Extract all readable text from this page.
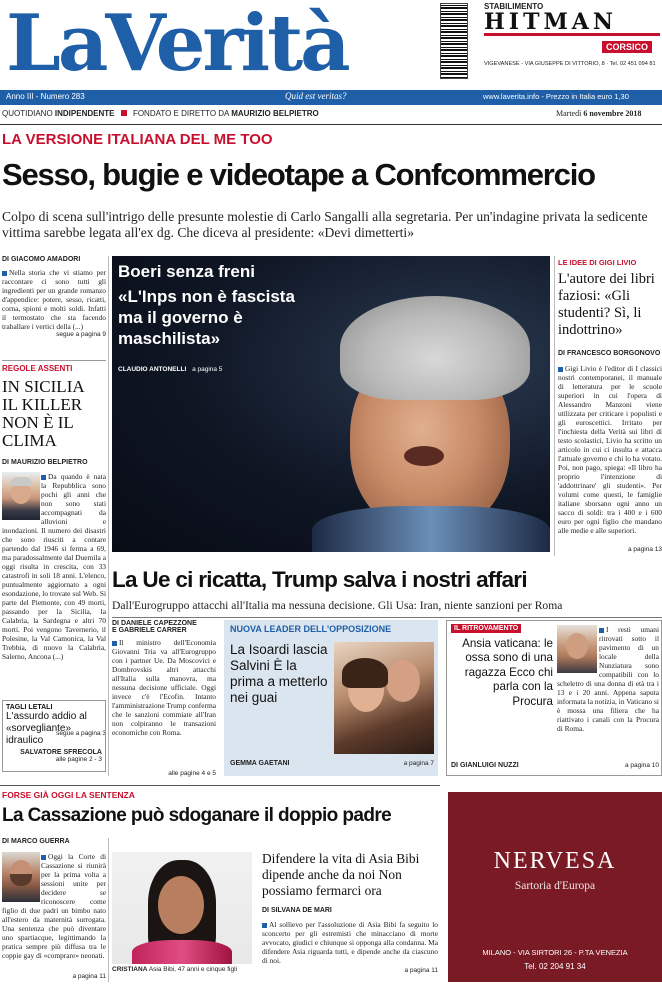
LaVerità	STABILIMENTO
HITMAN
CORSICO
VIGEVANESE - VIA GIUSEPPE DI VITTORIO, 8 · Tel. 02 451 094 81
Anno III - Numero 283	Quid est veritas?	www.laverita.info - Prezzo in Italia euro 1,30
QUOTIDIANO INDIPENDENTE FONDATO E DIRETTO DA MAURIZIO BELPIETRO	Martedì 6 novembre 2018
LA VERSIONE ITALIANA DEL ME TOO
Sesso, bugie e videotape a Confcommercio
Colpo di scena sull'intrigo delle presunte molestie di Carlo Sangalli alla segretaria. Per un'indagine privata la sedicente vittima sarebbe legata all'ex dg. Che diceva al presidente: «Devi dimetterti»
DI GIACOMO AMADORI
Nella storia che vi stiamo per raccontare ci sono tutti gli ingredienti per un grande romanzo d'appendice: potere, sesso, ricatti, corna, spioni e molti soldi. Infatti il termostato che sta facendo traballare i vertici della (...)
segue a pagina 9
REGOLE ASSENTI
IN SICILIA IL KILLER NON È IL CLIMA
DI MAURIZIO BELPIETRO
Da quando è nata la Repubblica sono pochi gli anni che non sono stati accompagnati da alluvioni e inondazioni. Il numero dei disastri che sono riusciti a contare partendo dal 1946 si ferma a 69, ma paradossalmente dal Duemila a oggi risulta in crescita, con 33 catastrofi in soli 18 anni. L'elenco, puntualmente aggiornato a ogni esondazione, lo trovate sul Web. Si parte del Piemonte, con 49 morti, passando per la Sicilia, la Calabria, la Sardegna e altri 70 morti. Poi vengono Tavernerio, il Polesine, la Val Camonica, la Val Trebbia, di nuovo la Calabria, Salerno, Ancona (...)
segue a pagina 3
Boeri senza freni
«L'Inps non è fascista ma il governo è maschilista»
CLAUDIO ANTONELLI a pagina 5
LE IDEE DI GIGI LIVIO
L'autore dei libri faziosi: «Gli studenti? Sì, li indottrino»
DI FRANCESCO BORGONOVO
Gigi Livio è l'editor di I classici nostri contemporanei, il manuale di letteratura per le scuole superiori in cui l'opera di Alessandro Manzoni viene utilizzata per criticare i populisti e gli euroscettici. Irritato per l'inchiesta della Verità sui libri di testo scolastici, Livio ha scritto un articolo in cui ci insulta e attacca l'attuale governo e chi lo ha votato. Poi, non pago, spiega: «Il libro ha proprio l'intenzione di 'addottrinare' gli studenti». Per volumi come questi, le famiglie italiane sborsano ogni anno un sacco di soldi: tra i 400 e i 600 euro per ogni figlio che mandano alle medie e alle superiori.
a pagina 13
La Ue ci ricatta, Trump salva i nostri affari
Dall'Eurogruppo attacchi all'Italia ma nessuna decisione. Gli Usa: Iran, niente sanzioni per Roma
DI DANIELE CAPEZZONE
E GABRIELE CARRER
Il ministro dell'Economia Giovanni Tria va all'Eurogruppo con i partner Ue. Da Moscovici e Dombrovskis altri attacchi all'Italia sulla manovra, ma nessuna decisione ufficiale. Oggi invece c'è l'Ecofin. Intanto l'amministrazione Trump conferma che le sanzioni commiate all'Iran non colpiranno le transazioni economiche con Roma.
alle pagine 4 e 5
TAGLI LETALI
L'assurdo addio al «sorvegliante» idraulico
SALVATORE SFRECOLA
alle pagine 2 - 3
NUOVA LEADER DELL'OPPOSIZIONE
La Isoardi lascia Salvini È la prima a metterlo nei guai
GEMMA GAETANI	a pagina 7
IL RITROVAMENTO
Ansia vaticana: le ossa sono di una ragazza Ecco chi parla con la Procura
I resti umani ritrovati sotto il pavimento di un locale della Nunziatura sono compatibili con lo scheletro di una donna di età tra i 13 e i 20 anni. Appena saputa informata la notizia, in Vaticano si è mossa una filiera che ha riattivato i canali con la Procura di Roma.
DI GIANLUIGI NUZZI	a pagina 10
FORSE GIÀ OGGI LA SENTENZA
La Cassazione può sdoganare il doppio padre
DI MARCO GUERRA
Oggi la Corte di Cassazione si riunirà per la prima volta a sessioni unite per decidere se riconoscere come figlio di due padri un bimbo nato all'estero da maternità surrogata. Una sentenza che può diventare uno spartiacque, legittimando la pratica sempre più diffusa tra le coppie gay di «comprare» neonati.
a pagina 11
CRISTIANA Asia Bibi, 47 anni e cinque figli
Difendere la vita di Asia Bibi dipende anche da noi Non possiamo fermarci ora
DI SILVANA DE MARI
Al sollievo per l'assoluzione di Asia Bibi fa seguito lo sconcerto per gli estremisti che minacciano di morte avvocato, giudici e chiunque si opponga alla condanna. Ma difendere Asia riguarda tutti, e dipende anche da ciascuno di noi.
a pagina 11
NERVESA
Sartoria d'Europa
MILANO - VIA SIRTORI 26 - P.TA VENEZIA
Tel. 02 204 91 34
